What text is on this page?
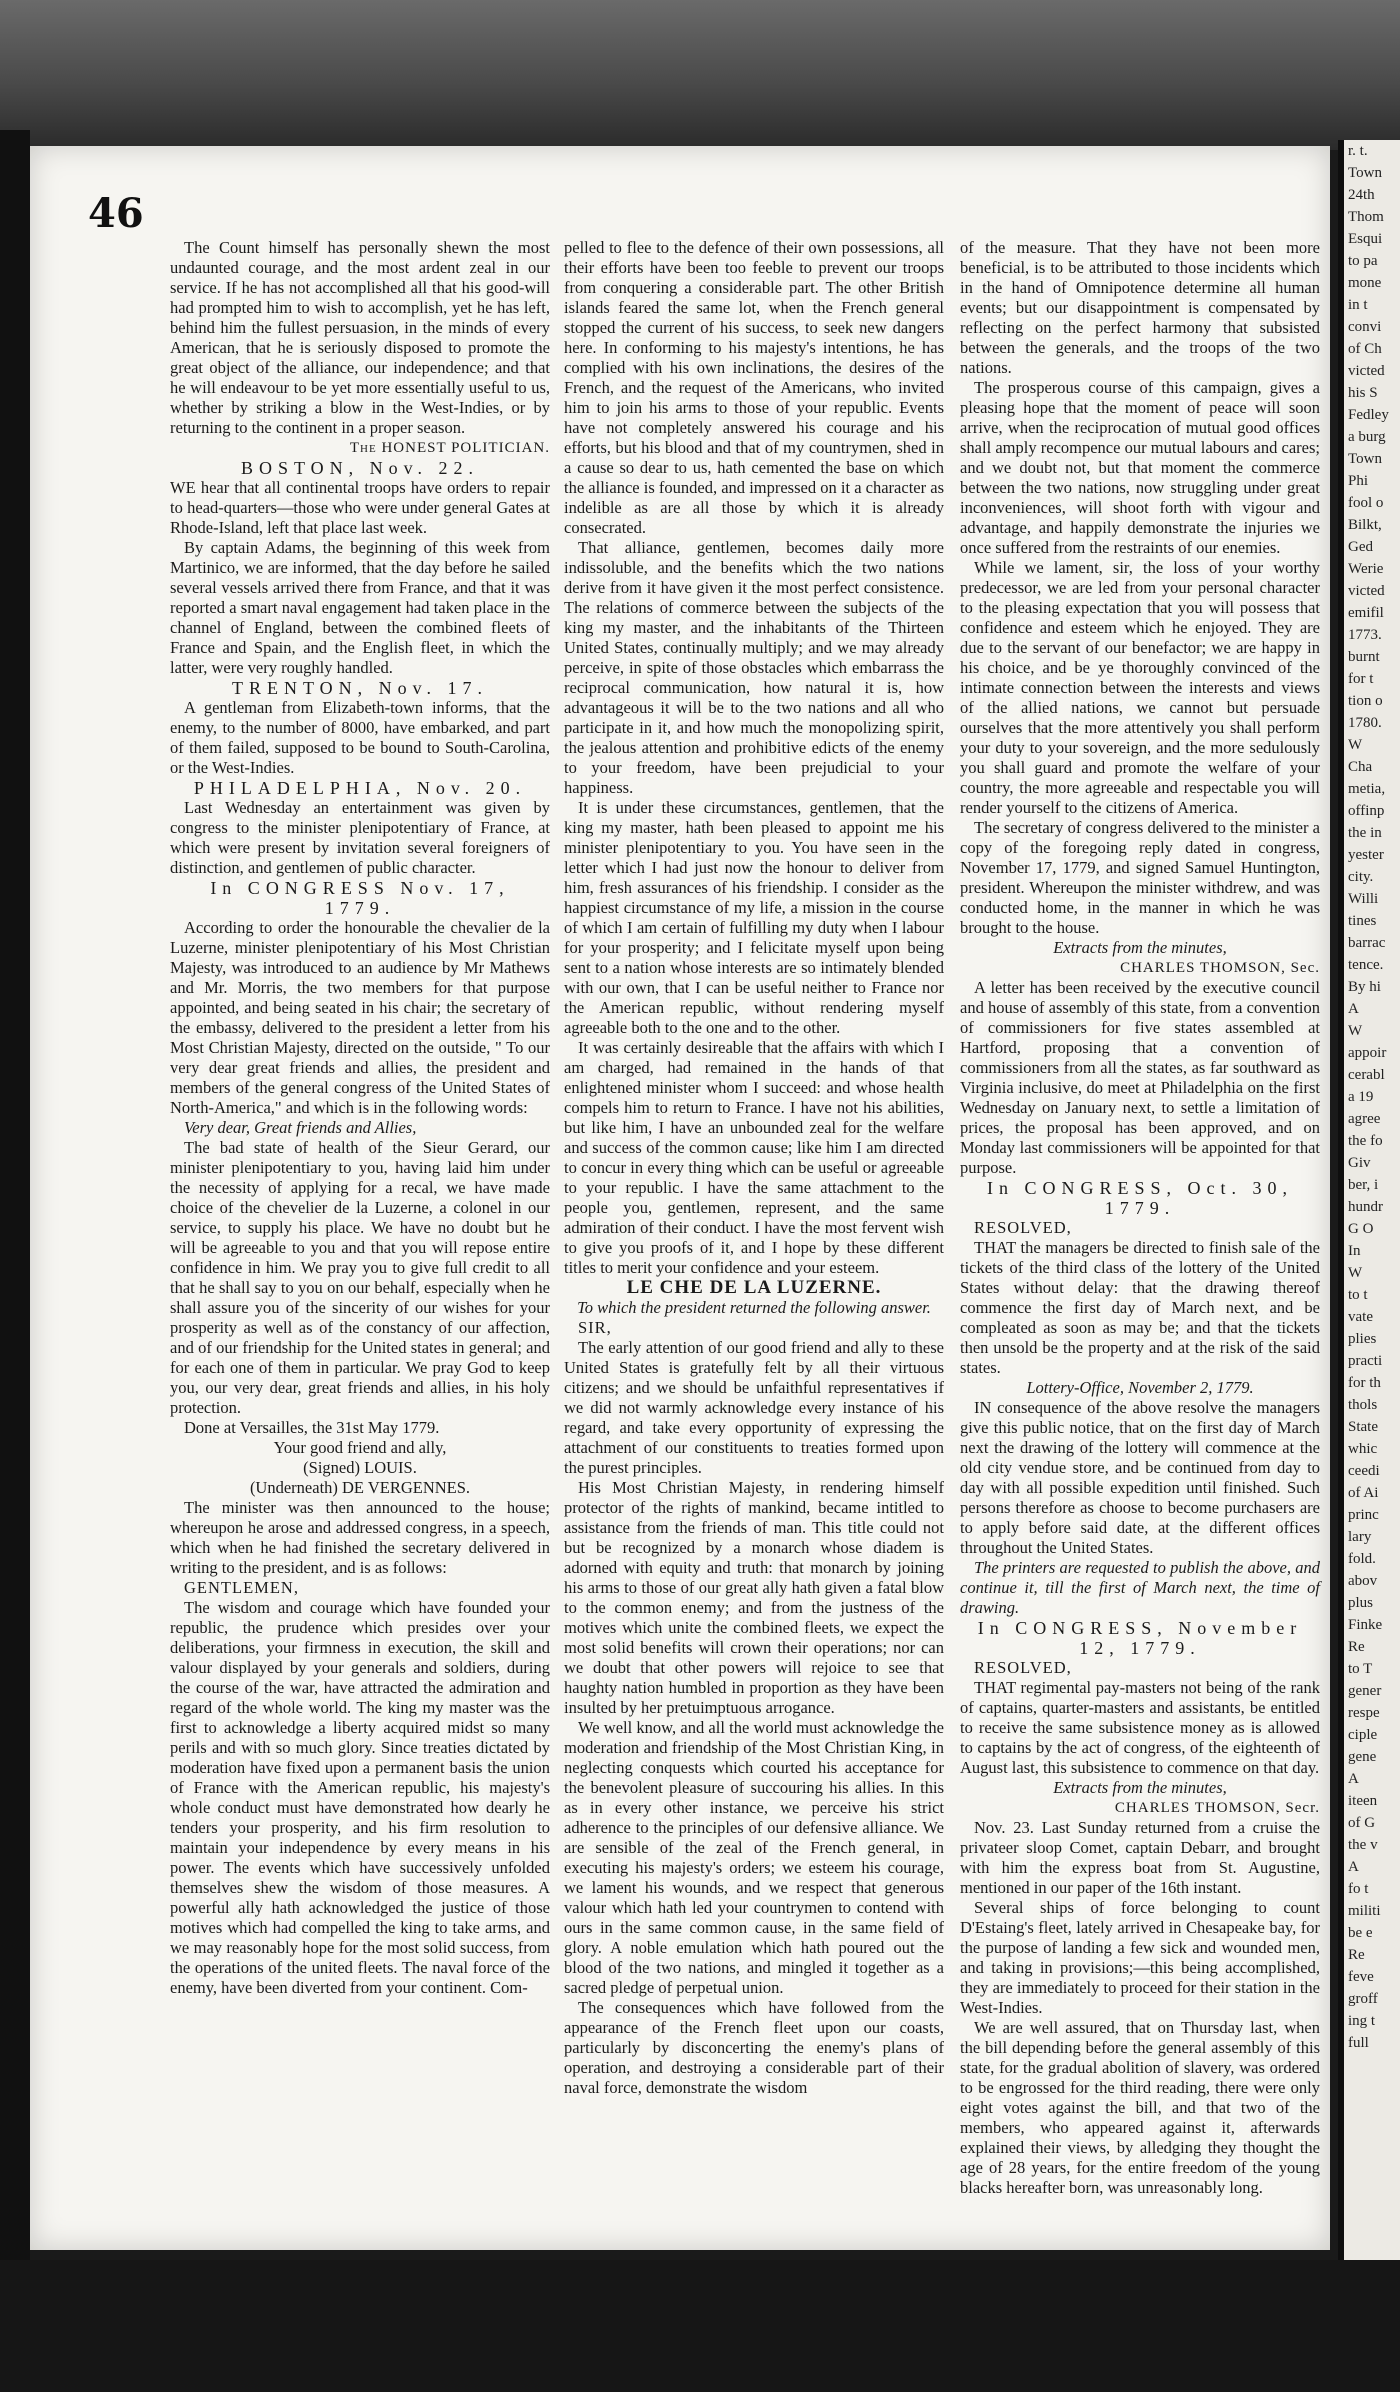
46

The Count himself has personally shewn the most undaunted courage, and the most ardent zeal in our service. If he has not accomplished all that his good-will had prompted him to wish to accomplish, yet he has left, behind him the fullest persuasion, in the minds of every American, that he is seriously disposed to promote the great object of the alliance, our independence; and that he will endeavour to be yet more essentially useful to us, whether by striking a blow in the West-Indies, or by returning to the continent in a proper season.

The HONEST POLITICIAN.

BOSTON, Nov. 22.

WE hear that all continental troops have orders to repair to head-quarters—those who were under general Gates at Rhode-Island, left that place last week.

By captain Adams, the beginning of this week from Martinico, we are informed, that the day before he sailed several vessels arrived there from France, and that it was reported a smart naval engagement had taken place in the channel of England, between the combined fleets of France and Spain, and the English fleet, in which the latter, were very roughly handled.

TRENTON, Nov. 17.

A gentleman from Elizabeth-town informs, that the enemy, to the number of 8000, have embarked, and part of them failed, supposed to be bound to South-Carolina, or the West-Indies.

PHILADELPHIA, Nov. 20.

Last Wednesday an entertainment was given by congress to the minister plenipotentiary of France, at which were present by invitation several foreigners of distinction, and gentlemen of public character.

In CONGRESS Nov. 17, 1779.

According to order the honourable the chevalier de la Luzerne, minister plenipotentiary of his Most Christian Majesty, was introduced to an audience by Mr Mathews and Mr. Morris, the two members for that purpose appointed, and being seated in his chair; the secretary of the embassy, delivered to the president a letter from his Most Christian Majesty, directed on the outside, " To our very dear great friends and allies, the president and members of the general congress of the United States of North-America," and which is in the following words:

Very dear, Great friends and Allies,

The bad state of health of the Sieur Gerard, our minister plenipotentiary to you, having laid him under the necessity of applying for a recal, we have made choice of the chevelier de la Luzerne, a colonel in our service, to supply his place. We have no doubt but he will be agreeable to you and that you will repose entire confidence in him. We pray you to give full credit to all that he shall say to you on our behalf, especially when he shall assure you of the sincerity of our wishes for your prosperity as well as of the constancy of our affection, and of our friendship for the United states in general; and for each one of them in particular. We pray God to keep you, our very dear, great friends and allies, in his holy protection.

Done at Versailles, the 31st May 1779.

Your good friend and ally,

(Signed) LOUIS.

(Underneath) DE VERGENNES.

The minister was then announced to the house; whereupon he arose and addressed congress, in a speech, which when he had finished the secretary delivered in writing to the president, and is as follows:

GENTLEMEN,

The wisdom and courage which have founded your republic, the prudence which presides over your deliberations, your firmness in execution, the skill and valour displayed by your generals and soldiers, during the course of the war, have attracted the admiration and regard of the whole world. The king my master was the first to acknowledge a liberty acquired midst so many perils and with so much glory. Since treaties dictated by moderation have fixed upon a permanent basis the union of France with the American republic, his majesty's whole conduct must have demonstrated how dearly he tenders your prosperity, and his firm resolution to maintain your independence by every means in his power. The events which have successively unfolded themselves shew the wisdom of those measures. A powerful ally hath acknowledged the justice of those motives which had compelled the king to take arms, and we may reasonably hope for the most solid success, from the operations of the united fleets. The naval force of the enemy, have been diverted from your continent. Com-

pelled to flee to the defence of their own possessions, all their efforts have been too feeble to prevent our troops from conquering a considerable part. The other British islands feared the same lot, when the French general stopped the current of his success, to seek new dangers here. In conforming to his majesty's intentions, he has complied with his own inclinations, the desires of the French, and the request of the Americans, who invited him to join his arms to those of your republic. Events have not completely answered his courage and his efforts, but his blood and that of my countrymen, shed in a cause so dear to us, hath cemented the base on which the alliance is founded, and impressed on it a character as indelible as are all those by which it is already consecrated.

That alliance, gentlemen, becomes daily more indissoluble, and the benefits which the two nations derive from it have given it the most perfect consistence. The relations of commerce between the subjects of the king my master, and the inhabitants of the Thirteen United States, continually multiply; and we may already perceive, in spite of those obstacles which embarrass the reciprocal communication, how natural it is, how advantageous it will be to the two nations and all who participate in it, and how much the monopolizing spirit, the jealous attention and prohibitive edicts of the enemy to your freedom, have been prejudicial to your happiness.

It is under these circumstances, gentlemen, that the king my master, hath been pleased to appoint me his minister plenipotentiary to you. You have seen in the letter which I had just now the honour to deliver from him, fresh assurances of his friendship. I consider as the happiest circumstance of my life, a mission in the course of which I am certain of fulfilling my duty when I labour for your prosperity; and I felicitate myself upon being sent to a nation whose interests are so intimately blended with our own, that I can be useful neither to France nor the American republic, without rendering myself agreeable both to the one and to the other.

It was certainly desireable that the affairs with which I am charged, had remained in the hands of that enlightened minister whom I succeed: and whose health compels him to return to France. I have not his abilities, but like him, I have an unbounded zeal for the welfare and success of the common cause; like him I am directed to concur in every thing which can be useful or agreeable to your republic. I have the same attachment to the people you, gentlemen, represent, and the same admiration of their conduct. I have the most fervent wish to give you proofs of it, and I hope by these different titles to merit your confidence and your esteem.

LE CHE DE LA LUZERNE.

To which the president returned the following answer.

SIR,

The early attention of our good friend and ally to these United States is gratefully felt by all their virtuous citizens; and we should be unfaithful representatives if we did not warmly acknowledge every instance of his regard, and take every opportunity of expressing the attachment of our constituents to treaties formed upon the purest principles.

His Most Christian Majesty, in rendering himself protector of the rights of mankind, became intitled to assistance from the friends of man. This title could not but be recognized by a monarch whose diadem is adorned with equity and truth: that monarch by joining his arms to those of our great ally hath given a fatal blow to the common enemy; and from the justness of the motives which unite the combined fleets, we expect the most solid benefits will crown their operations; nor can we doubt that other powers will rejoice to see that haughty nation humbled in proportion as they have been insulted by her pretuimptuous arrogance.

We well know, and all the world must acknowledge the moderation and friendship of the Most Christian King, in neglecting conquests which courted his acceptance for the benevolent pleasure of succouring his allies. In this as in every other instance, we perceive his strict adherence to the principles of our defensive alliance. We are sensible of the zeal of the French general, in executing his majesty's orders; we esteem his courage, we lament his wounds, and we respect that generous valour which hath led your countrymen to contend with ours in the same common cause, in the same field of glory. A noble emulation which hath poured out the blood of the two nations, and mingled it together as a sacred pledge of perpetual union.

The consequences which have followed from the appearance of the French fleet upon our coasts, particularly by disconcerting the enemy's plans of operation, and destroying a considerable part of their naval force, demonstrate the wisdom

of the measure. That they have not been more beneficial, is to be attributed to those incidents which in the hand of Omnipotence determine all human events; but our disappointment is compensated by reflecting on the perfect harmony that subsisted between the generals, and the troops of the two nations.

The prosperous course of this campaign, gives a pleasing hope that the moment of peace will soon arrive, when the reciprocation of mutual good offices shall amply recompence our mutual labours and cares; and we doubt not, but that moment the commerce between the two nations, now struggling under great inconveniences, will shoot forth with vigour and advantage, and happily demonstrate the injuries we once suffered from the restraints of our enemies.

While we lament, sir, the loss of your worthy predecessor, we are led from your personal character to the pleasing expectation that you will possess that confidence and esteem which he enjoyed. They are due to the servant of our benefactor; we are happy in his choice, and be ye thoroughly convinced of the intimate connection between the interests and views of the allied nations, we cannot but persuade ourselves that the more attentively you shall perform your duty to your sovereign, and the more sedulously you shall guard and promote the welfare of your country, the more agreeable and respectable you will render yourself to the citizens of America.

The secretary of congress delivered to the minister a copy of the foregoing reply dated in congress, November 17, 1779, and signed Samuel Huntington, president. Whereupon the minister withdrew, and was conducted home, in the manner in which he was brought to the house.

Extracts from the minutes,

CHARLES THOMSON, Sec.

A letter has been received by the executive council and house of assembly of this state, from a convention of commissioners for five states assembled at Hartford, proposing that a convention of commissioners from all the states, as far southward as Virginia inclusive, do meet at Philadelphia on the first Wednesday on January next, to settle a limitation of prices, the proposal has been approved, and on Monday last commissioners will be appointed for that purpose.

In CONGRESS, Oct. 30, 1779.

RESOLVED,

THAT the managers be directed to finish sale of the tickets of the third class of the lottery of the United States without delay: that the drawing thereof commence the first day of March next, and be compleated as soon as may be; and that the tickets then unsold be the property and at the risk of the said states.

Lottery-Office, November 2, 1779.

IN consequence of the above resolve the managers give this public notice, that on the first day of March next the drawing of the lottery will commence at the old city vendue store, and be continued from day to day with all possible expedition until finished. Such persons therefore as choose to become purchasers are to apply before said date, at the different offices throughout the United States.

The printers are requested to publish the above, and continue it, till the first of March next, the time of drawing.

In CONGRESS, November 12, 1779.

RESOLVED,

THAT regimental pay-masters not being of the rank of captains, quarter-masters and assistants, be entitled to receive the same subsistence money as is allowed to captains by the act of congress, of the eighteenth of August last, this subsistence to commence on that day.

Extracts from the minutes,

CHARLES THOMSON, Secr.

Nov. 23. Last Sunday returned from a cruise the privateer sloop Comet, captain Debarr, and brought with him the express boat from St. Augustine, mentioned in our paper of the 16th instant.

Several ships of force belonging to count D'Estaing's fleet, lately arrived in Chesapeake bay, for the purpose of landing a few sick and wounded men, and taking in provisions;—this being accomplished, they are immediately to proceed for their station in the West-Indies.

We are well assured, that on Thursday last, when the bill depending before the general assembly of this state, for the gradual abolition of slavery, was ordered to be engrossed for the third reading, there were only eight votes against the bill, and that two of the members, who appeared against it, afterwards explained their views, by alledging they thought the age of 28 years, for the entire freedom of the young blacks hereafter born, was unreasonably long.

r. t.

Town

24th

Thom

Esqui

to pa

mone

in t

convi

of Ch

victed

his S

Fedley

a burg

Town

Phi

fool o

Bilkt,

Ged

Werie

victed

emifil

1773.

burnt

for t

tion o

1780.

W

Cha

metia,

offinp

the in

yester

city.

Willi

tines

barrac

tence.

By hi

A

W

appoir

cerabl

a 19

agree

the fo

Giv

ber, i

hundr

G O

In

W

to t

vate

plies

practi

for th

thols

State

whic

ceedi

of Ai

princ

lary

fold.

abov

plus

Finke

Re

to T

gener

respe

ciple

gene

A

iteen

of G

the v

A

fo t

militi

be e

Re

feve

groff

ing t

full
